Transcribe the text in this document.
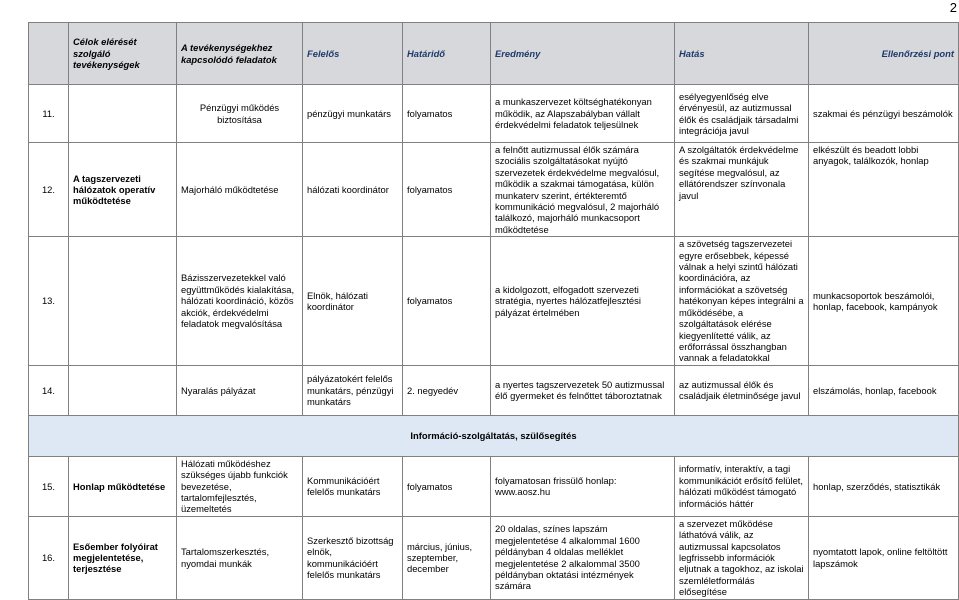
2
	Célok elérését szolgáló tevékenységek	A tevékenységekhez kapcsolódó feladatok	Felelős	Határidő	Eredmény	Hatás	Ellenőrzési pont
11.		Pénzügyi működés biztosítása	pénzügyi munkatárs	folyamatos	a munkaszervezet költséghatékonyan működik, az Alapszabályban vállalt érdekvédelmi feladatok teljesülnek	esélyegyenlőség elve érvényesül, az autizmussal élők és családjaik társadalmi integrációja javul	szakmai és pénzügyi beszámolók
12.	A tagszervezeti hálózatok operatív működtetése	Majorháló működtetése	hálózati koordinátor	folyamatos	a felnőtt autizmussal élők számára szociális szolgáltatásokat nyújtó szervezetek érdekvédelme megvalósul, működik a szakmai támogatása, külön munkaterv szerint, értékteremtő kommunikáció megvalósul, 2 majorháló találkozó, majorháló munkacsoport működtetése	A szolgáltatók érdekvédelme és szakmai munkájuk segítése megvalósul, az ellátórendszer színvonala javul	elkészült és beadott lobbi anyagok, találkozók, honlap
13.		Bázisszervezetekkel való együttműködés kialakítása, hálózati koordináció, közös akciók, érdekvédelmi feladatok megvalósítása	Elnök, hálózati koordinátor	folyamatos	a kidolgozott, elfogadott szervezeti stratégia, nyertes hálózatfejlesztési pályázat értelmében	a szövetség tagszervezetei egyre erősebbek, képessé válnak a helyi szintű hálózati koordinációra, az információkat a szövetség hatékonyan képes integrálni a működésébe, a szolgáltatások elérése kiegyenlítetté válik, az erőforrással összhangban vannak a feladatokkal	munkacsoportok beszámolói, honlap, facebook, kampányok
14.		Nyaralás pályázat	pályázatokért felelős munkatárs, pénzügyi munkatárs	2. negyedév	a nyertes tagszervezetek 50 autizmussal élő gyermeket és felnőttet táboroztatnak	az autizmussal élők és családjaik életminősége javul	elszámolás, honlap, facebook
Információ-szolgáltatás, szülősegítés							
15.	Honlap működtetése	Hálózati működéshez szükséges újabb funkciók bevezetése, tartalomfejlesztés, üzemeltetés	Kommunikációért felelős munkatárs	folyamatos	folyamatosan frissülő honlap: www.aosz.hu	informatív, interaktív, a tagi kommunikációt erősítő felület, hálózati működést támogató információs háttér	honlap, szerződés, statisztikák
16.	Esőember folyóirat megjelentetése, terjesztése	Tartalomszerkesztés, nyomdai munkák	Szerkesztő bizottság elnök, kommunikációért felelős munkatárs	március, június, szeptember, december	20 oldalas, színes lapszám megjelentetése 4 alkalommal 1600 példányban 4 oldalas melléklet megjelentetése 2 alkalommal 3500 példányban oktatási intézmények számára	a szervezet működése láthatóvá válik, az autizmussal kapcsolatos legfrissebb információk eljutnak a tagokhoz, az iskolai szemléletformálás elősegítése	nyomtatott lapok, online feltöltött lapszámok
